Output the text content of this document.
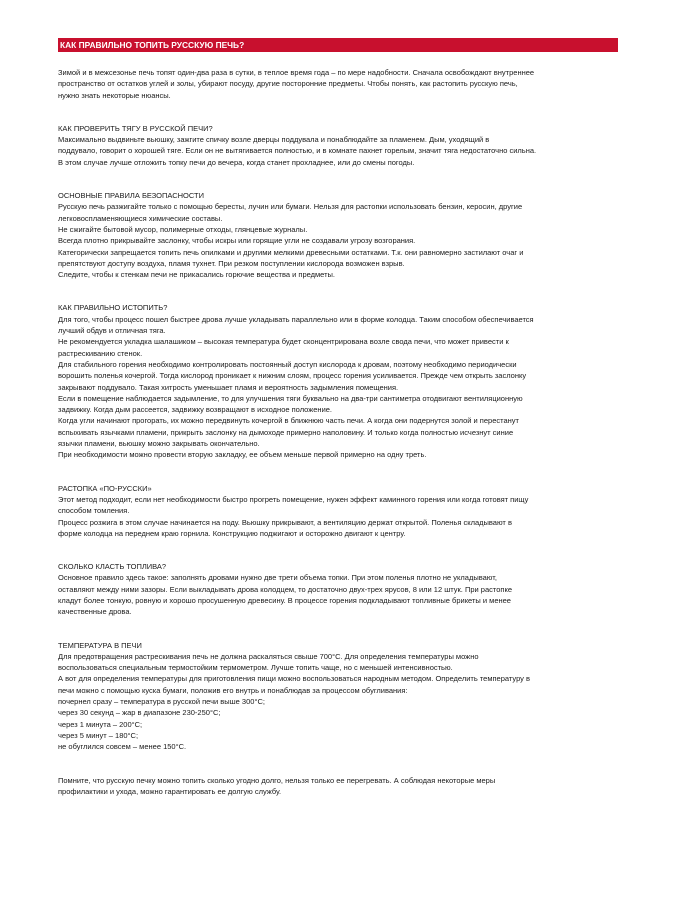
КАК ПРАВИЛЬНО ТОПИТЬ РУССКУЮ ПЕЧЬ?

Зимой и в межсезонье печь топят один-два раза в сутки, в теплое время года – по мере надобности. Сначала освобождают внутреннее

пространство от остатков углей и золы, убирают посуду, другие посторонние предметы. Чтобы понять, как растопить русскую печь,

нужно знать некоторые нюансы.

КАК ПРОВЕРИТЬ ТЯГУ В РУССКОЙ ПЕЧИ?

Максимально выдвиньте вьюшку, зажгите спичку возле дверцы поддувала и понаблюдайте за пламенем. Дым, уходящий в

поддувало, говорит о хорошей тяге. Если он не вытягивается полностью, и в комнате пахнет горелым, значит тяга недостаточно сильна.

В этом случае лучше отложить топку печи до вечера, когда станет прохладнее, или до смены погоды.

ОСНОВНЫЕ ПРАВИЛА БЕЗОПАСНОСТИ

Русскую печь разжигайте только с помощью бересты, лучин или бумаги. Нельзя для растопки использовать бензин, керосин, другие

легковоспламеняющиеся химические составы.

Не сжигайте бытовой мусор, полимерные отходы, глянцевые журналы.

Всегда плотно прикрывайте заслонку, чтобы искры или горящие угли не создавали угрозу возгорания.

Категорически запрещается топить печь опилками и другими мелкими древесными остатками. Т.к. они равномерно застилают очаг и

препятствуют доступу воздуха, пламя тухнет. При резком поступлении кислорода возможен взрыв.

Следите, чтобы к стенкам печи не прикасались горючие вещества и предметы.

КАК ПРАВИЛЬНО ИСТОПИТЬ?

Для того, чтобы процесс пошел быстрее дрова лучше укладывать параллельно или в форме колодца. Таким способом обеспечивается

лучший обдув и отличная тяга.

Не рекомендуется укладка шалашиком – высокая температура будет сконцентрирована возле свода печи, что может привести к

растрескиванию стенок.

Для стабильного горения необходимо контролировать постоянный доступ кислорода к дровам, поэтому необходимо периодически

ворошить поленья кочергой. Тогда кислород проникает к нижним слоям, процесс горения усиливается. Прежде чем открыть заслонку

закрывают поддувало. Такая хитрость уменьшает пламя и вероятность задымления помещения.

Если в помещение наблюдается задымление, то для улучшения тяги буквально на два-три сантиметра отодвигают вентиляционную

задвижку. Когда дым рассеется, задвижку возвращают в исходное положение.

Когда угли начинают прогорать, их можно передвинуть кочергой в ближнюю часть печи. А когда они подернутся золой и перестанут

вспыхивать язычками пламени, прикрыть заслонку на дымоходе примерно наполовину. И только когда полностью исчезнут синие

язычки пламени, вьюшку можно закрывать окончательно.

При необходимости можно провести вторую закладку, ее объем меньше первой примерно на одну треть.

РАСТОПКА «ПО-РУССКИ»

Этот метод подходит, если нет необходимости быстро прогреть помещение, нужен эффект каминного горения или когда готовят пищу

способом томления.

Процесс розжига в этом случае начинается на поду. Вьюшку прикрывают, а вентиляцию держат открытой. Поленья складывают в

форме колодца на переднем краю горнила. Конструкцию поджигают и осторожно двигают к центру.

СКОЛЬКО КЛАСТЬ ТОПЛИВА?

Основное правило здесь такое: заполнять дровами нужно две трети объема топки. При этом поленья плотно не укладывают,

оставляют между ними зазоры. Если выкладывать дрова колодцем, то достаточно двух-трех ярусов, 8 или 12 штук. При растопке

кладут более тонкую, ровную и хорошо просушенную древесину. В процессе горения подкладывают топливные брикеты и менее

качественные дрова.

ТЕМПЕРАТУРА В ПЕЧИ

Для предотвращения растрескивания печь не должна раскаляться свыше 700°С. Для определения температуры можно

воспользоваться специальным термостойким термометром. Лучше топить чаще, но с меньшей интенсивностью.

А вот для определения температуры для приготовления пищи можно воспользоваться народным методом. Определить температуру в

печи можно с помощью куска бумаги, положив его внутрь и понаблюдав за процессом обугливания:

почернел сразу – температура в русской печи выше 300°С;

через 30 секунд – жар в диапазоне 230-250°С;

через 1 минута – 200°С;

через 5 минут – 180°С;

не обуглился совсем – менее 150°С.

Помните, что русскую печку можно топить сколько угодно долго, нельзя только ее перегревать. А соблюдая некоторые меры

профилактики и ухода, можно гарантировать ее долгую службу.
